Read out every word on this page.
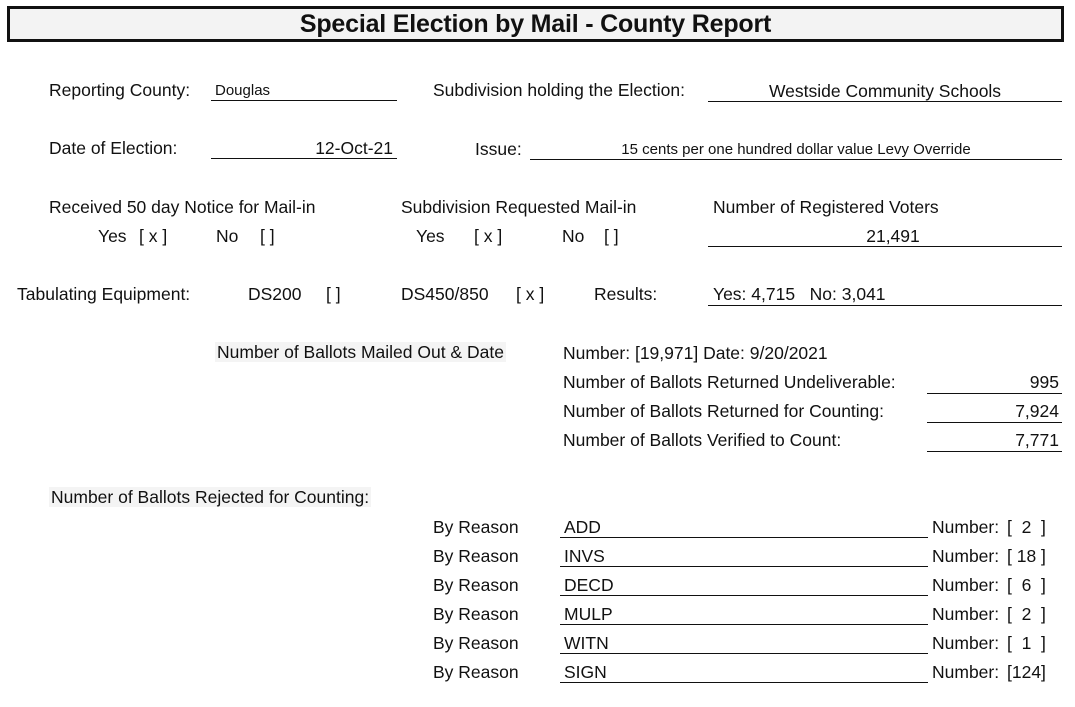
Special Election by Mail - County Report
Reporting County: Douglas	Subdivision holding the Election:	Westside Community Schools
Date of Election:	12-Oct-21	Issue:	15 cents per one hundred dollar value Levy Override
Received 50 day Notice for Mail-in
Yes [ x ]	No [ ]
Subdivision Requested Mail-in
Yes [ x ]	No [ ]
Number of Registered Voters
21,491
Tabulating Equipment:	DS200 [ ]	DS450/850 [ x ]	Results:	Yes: 4,715   No: 3,041
Number of Ballots Mailed Out & Date	Number: [19,971] Date: 9/20/2021
Number of Ballots Returned Undeliverable:	995
Number of Ballots Returned for Counting:	7,924
Number of Ballots Verified to Count:	7,771
Number of Ballots Rejected for Counting:
By Reason	ADD	Number: [  2  ]
By Reason	INVS	Number: [ 18 ]
By Reason	DECD	Number: [  6  ]
By Reason	MULP	Number: [  2  ]
By Reason	WITN	Number: [  1  ]
By Reason	SIGN	Number: [124]
